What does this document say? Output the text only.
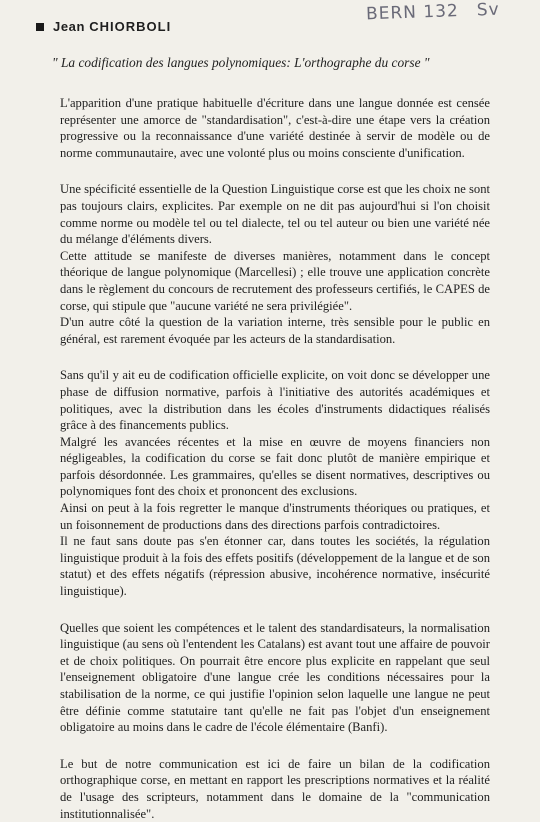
Jean
CHIORBOLI
BERN 132 Sv
" La codification des langues polynomiques: L'orthographe du corse "

L'apparition d'une pratique habituelle d'écriture dans une langue donnée est censée représenter une amorce de "standardisation", c'est-à-dire une étape vers la création progressive ou la reconnaissance d'une variété destinée à servir de modèle ou de norme communautaire, avec une volonté plus ou moins consciente d'unification.

Une spécificité essentielle de la Question Linguistique corse est que les choix ne sont pas toujours clairs, explicites. Par exemple on ne dit pas aujourd'hui si l'on choisit comme norme ou modèle tel ou tel dialecte, tel ou tel auteur ou bien une variété née du mélange d'éléments divers.

Cette attitude se manifeste de diverses manières, notamment dans le concept théorique de langue polynomique (Marcellesi) ; elle trouve une application concrète dans le règlement du concours de recrutement des professeurs certifiés, le CAPES de corse, qui stipule que "aucune variété ne sera privilégiée".

D'un autre côté la question de la variation interne, très sensible pour le public en général, est rarement évoquée par les acteurs de la standardisation.

Sans qu'il y ait eu de codification officielle explicite, on voit donc se développer une phase de diffusion normative, parfois à l'initiative des autorités académiques et politiques, avec la distribution dans les écoles d'instruments didactiques réalisés grâce à des financements publics.

Malgré les avancées récentes et la mise en œuvre de moyens financiers non négligeables, la codification du corse se fait donc plutôt de manière empirique et parfois désordonnée. Les grammaires, qu'elles se disent normatives, descriptives ou polynomiques font des choix et prononcent des exclusions.

Ainsi on peut à la fois regretter le manque d'instruments théoriques ou pratiques, et un foisonnement de productions dans des directions parfois contradictoires.

Il ne faut sans doute pas s'en étonner car, dans toutes les sociétés, la régulation linguistique produit à la fois des effets positifs (développement de la langue et de son statut) et des effets négatifs (répression abusive, incohérence normative, insécurité linguistique).

Quelles que soient les compétences et le talent des standardisateurs, la normalisation linguistique (au sens où l'entendent les Catalans) est avant tout une affaire de pouvoir et de choix politiques. On pourrait être encore plus explicite en rappelant que seul l'enseignement obligatoire d'une langue crée les conditions nécessaires pour la stabilisation de la norme, ce qui justifie l'opinion selon laquelle une langue ne peut être définie comme statutaire tant qu'elle ne fait pas l'objet d'un enseignement obligatoire au moins dans le cadre de l'école élémentaire (Banfi).

Le but de notre communication est ici de faire un bilan de la codification orthographique corse, en mettant en rapport les prescriptions normatives et la réalité de l'usage des scripteurs, notamment dans le domaine de la "communication institutionnalisée".
